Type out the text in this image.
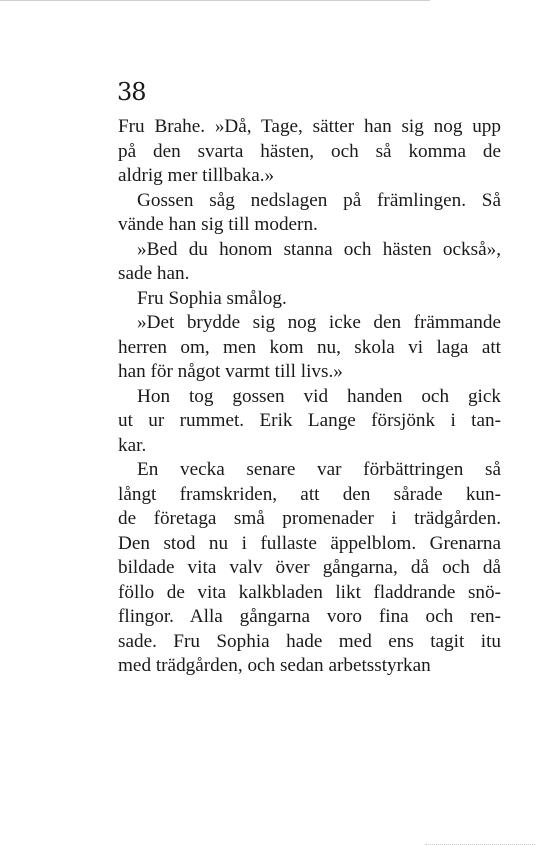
38
Fru Brahe. »Då, Tage, sätter han sig nog upp
på den svarta hästen, och så komma de
aldrig mer tillbaka.»
Gossen såg nedslagen på främlingen. Så
vände han sig till modern.
»Bed du honom stanna och hästen också»,
sade han.
Fru Sophia smålog.
»Det brydde sig nog icke den främmande
herren om, men kom nu, skola vi laga att
han för något varmt till livs.»
Hon tog gossen vid handen och gick
ut ur rummet. Erik Lange försjönk i tan-
kar.
En vecka senare var förbättringen så
långt framskriden, att den sårade kun-
de företaga små promenader i trädgården.
Den stod nu i fullaste äppelblom. Grenarna
bildade vita valv över gångarna, då och då
föllo de vita kalkbladen likt fladdrande snö-
flingor. Alla gångarna voro fina och ren-
sade. Fru Sophia hade med ens tagit itu
med trädgården, och sedan arbetsstyrkan
